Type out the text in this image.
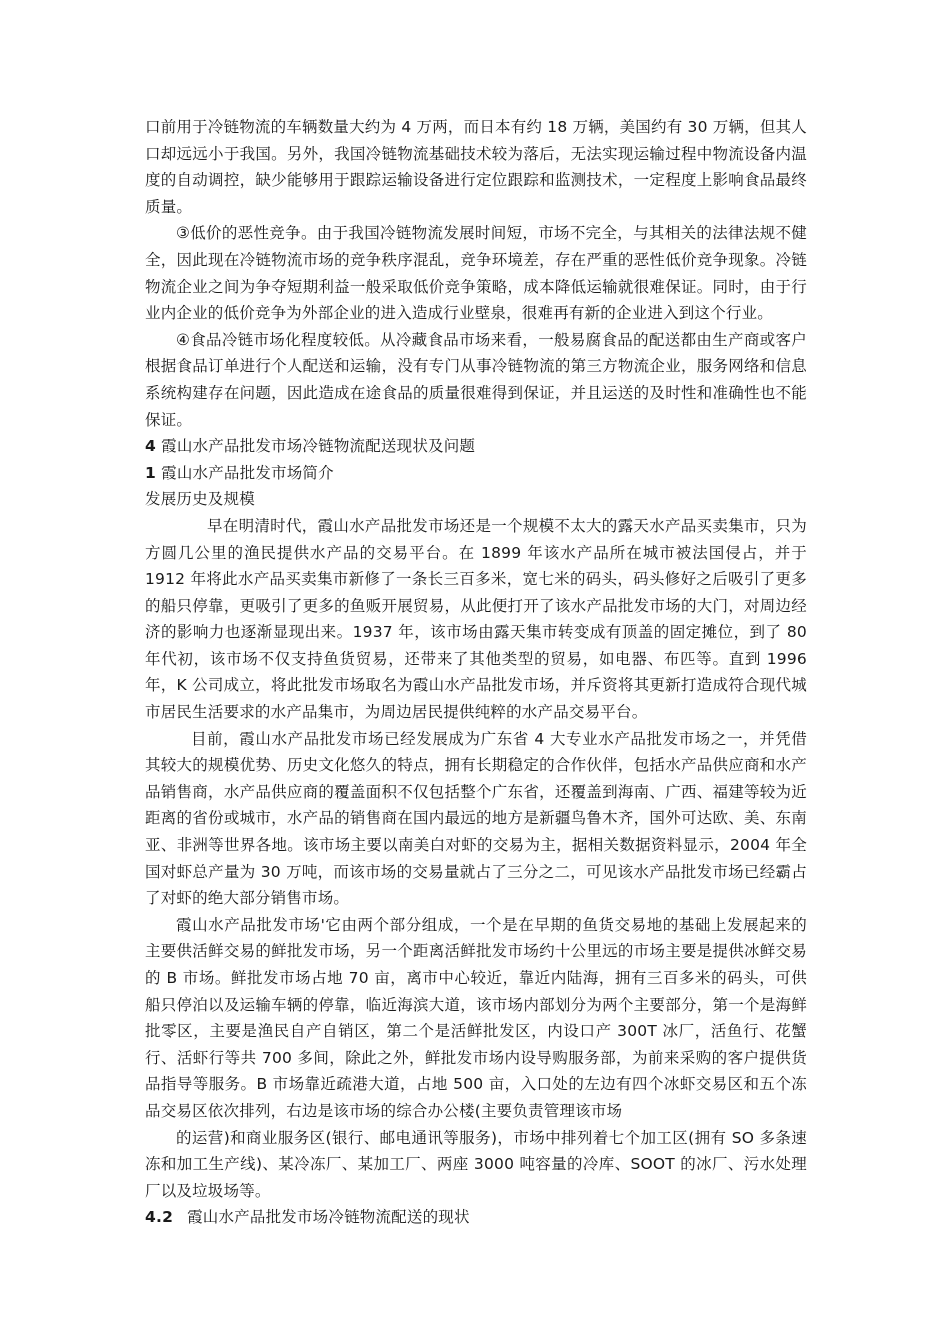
口前用于冷链物流的车辆数量大约为 4 万两，而日本有约 18 万辆，美国约有 30 万辆，但其人口却远远小于我国。另外，我国冷链物流基础技术较为落后，无法实现运输过程中物流设备内温度的自动调控，缺少能够用于跟踪运输设备进行定位跟踪和监测技术，一定程度上影响食品最终质量。

③低价的恶性竞争。由于我国冷链物流发展时间短，市场不完全，与其相关的法律法规不健全，因此现在冷链物流市场的竞争秩序混乱，竞争环境差，存在严重的恶性低价竞争现象。冷链物流企业之间为争夺短期利益一般采取低价竞争策略，成本降低运输就很难保证。同时，由于行业内企业的低价竞争为外部企业的进入造成行业壁泉，很难再有新的企业进入到这个行业。

④食品冷链市场化程度较低。从冷藏食品市场来看，一般易腐食品的配送都由生产商或客户根据食品订单进行个人配送和运输，没有专门从事冷链物流的第三方物流企业，服务网络和信息系统构建存在问题，因此造成在途食品的质量很难得到保证，并且运送的及时性和准确性也不能保证。

4 霞山水产品批发市场冷链物流配送现状及问题

1 霞山水产品批发市场简介

发展历史及规模

早在明清时代，霞山水产品批发市场还是一个规模不太大的露天水产品买卖集市，只为方圆几公里的渔民提供水产品的交易平台。在 1899 年该水产品所在城市被法国侵占，并于 1912 年将此水产品买卖集市新修了一条长三百多米，宽七米的码头，码头修好之后吸引了更多的船只停靠，更吸引了更多的鱼贩开展贸易，从此便打开了该水产品批发市场的大门，对周边经济的影响力也逐渐显现出来。1937 年，该市场由露天集市转变成有顶盖的固定摊位，到了 80 年代初，该市场不仅支持鱼货贸易，还带来了其他类型的贸易，如电器、布匹等。直到 1996 年，K 公司成立，将此批发市场取名为霞山水产品批发市场，并斥资将其更新打造成符合现代城市居民生活要求的水产品集市，为周边居民提供纯粹的水产品交易平台。

目前，霞山水产品批发市场已经发展成为广东省 4 大专业水产品批发市场之一，并凭借其较大的规模优势、历史文化悠久的特点，拥有长期稳定的合作伙伴，包括水产品供应商和水产品销售商，水产品供应商的覆盖面积不仅包括整个广东省，还覆盖到海南、广西、福建等较为近距离的省份或城市，水产品的销售商在国内最远的地方是新疆鸟鲁木齐，国外可达欧、美、东南亚、非洲等世界各地。该市场主要以南美白对虾的交易为主，据相关数据资料显示，2004 年全国对虾总产量为 30 万吨，而该市场的交易量就占了三分之二，可见该水产品批发市场已经霸占了对虾的绝大部分销售市场。

霞山水产品批发市场'它由两个部分组成，一个是在早期的鱼货交易地的基础上发展起来的主要供活鲜交易的鲜批发市场，另一个距离活鲜批发市场约十公里远的市场主要是提供冰鲜交易的 B 市场。鲜批发市场占地 70 亩，离市中心较近，靠近内陆海，拥有三百多米的码头，可供船只停泊以及运输车辆的停靠，临近海滨大道，该市场内部划分为两个主要部分，第一个是海鲜批零区，主要是渔民自产自销区，第二个是活鲜批发区，内设口产 300T 冰厂，活鱼行、花蟹行、活虾行等共 700 多间，除此之外，鲜批发市场内设导购服务部，为前来采购的客户提供货品指导等服务。B 市场靠近疏港大道，占地 500 亩，入口处的左边有四个冰虾交易区和五个冻品交易区依次排列，右边是该市场的综合办公楼(主要负责管理该市场

的运营)和商业服务区(银行、邮电通讯等服务)，市场中排列着七个加工区(拥有 SO 多条速冻和加工生产线)、某冷冻厂、某加工厂、两座 3000 吨容量的冷库、SOOT 的冰厂、污水处理厂以及垃圾场等。

4.2 霞山水产品批发市场冷链物流配送的现状
